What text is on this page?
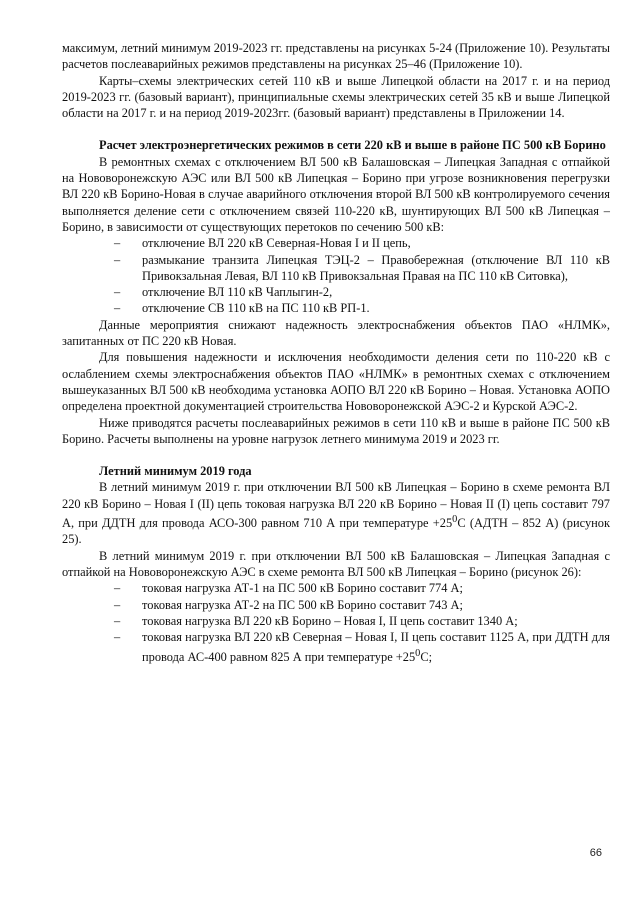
максимум, летний минимум 2019-2023 гг. представлены на рисунках 5-24 (Приложение 10). Результаты расчетов послеаварийных режимов представлены на рисунках 25–46 (Приложение 10).

Карты–схемы электрических сетей 110 кВ и выше Липецкой области на 2017 г. и на период 2019-2023 гг. (базовый вариант), принципиальные схемы электрических сетей 35 кВ и выше Липецкой области на 2017 г. и на период 2019-2023гг. (базовый вариант) представлены в Приложении 14.

Расчет электроэнергетических режимов в сети 220 кВ и выше в районе ПС 500 кВ Борино

В ремонтных схемах с отключением ВЛ 500 кВ Балашовская – Липецкая Западная с отпайкой на Нововоронежскую АЭС или ВЛ 500 кВ Липецкая – Борино при угрозе возникновения перегрузки ВЛ 220 кВ Борино-Новая в случае аварийного отключения второй ВЛ 500 кВ контролируемого сечения выполняется деление сети с отключением связей 110-220 кВ, шунтирующих ВЛ 500 кВ Липецкая – Борино, в зависимости от существующих перетоков по сечению 500 кВ:

– отключение ВЛ 220 кВ Северная-Новая I и II цепь,
– размыкание транзита Липецкая ТЭЦ-2 – Правобережная (отключение ВЛ 110 кВ Привокзальная Левая, ВЛ 110 кВ Привокзальная Правая на ПС 110 кВ Ситовка),
– отключение ВЛ 110 кВ Чаплыгин-2,
– отключение СВ 110 кВ на ПС 110 кВ РП-1.

Данные мероприятия снижают надежность электроснабжения объектов ПАО «НЛМК», запитанных от ПС 220 кВ Новая.

Для повышения надежности и исключения необходимости деления сети по 110-220 кВ с ослаблением схемы электроснабжения объектов ПАО «НЛМК» в ремонтных схемах с отключением вышеуказанных ВЛ 500 кВ необходима установка АОПО ВЛ 220 кВ Борино – Новая. Установка АОПО определена проектной документацией строительства Нововоронежской АЭС-2 и Курской АЭС-2.

Ниже приводятся расчеты послеаварийных режимов в сети 110 кВ и выше в районе ПС 500 кВ Борино. Расчеты выполнены на уровне нагрузок летнего минимума 2019 и 2023 гг.

Летний минимум 2019 года

В летний минимум 2019 г. при отключении ВЛ 500 кВ Липецкая – Борино в схеме ремонта ВЛ 220 кВ Борино – Новая I (II) цепь токовая нагрузка ВЛ 220 кВ Борино – Новая II (I) цепь составит 797 А, при ДДТН для провода АСО-300 равном 710 А при температуре $+25^0С$ (АДТН – 852 А) (рисунок 25).

В летний минимум 2019 г. при отключении ВЛ 500 кВ Балашовская – Липецкая Западная с отпайкой на Нововоронежскую АЭС в схеме ремонта ВЛ 500 кВ Липецкая – Борино (рисунок 26):

– токовая нагрузка АТ-1 на ПС 500 кВ Борино составит 774 А;
– токовая нагрузка АТ-2 на ПС 500 кВ Борино составит 743 А;
– токовая нагрузка ВЛ 220 кВ Борино – Новая I, II цепь составит 1340 А;
– токовая нагрузка ВЛ 220 кВ Северная – Новая I, II цепь составит 1125 А, при ДДТН для провода АС-400 равном 825 А при температуре $+25^0С$;
66
